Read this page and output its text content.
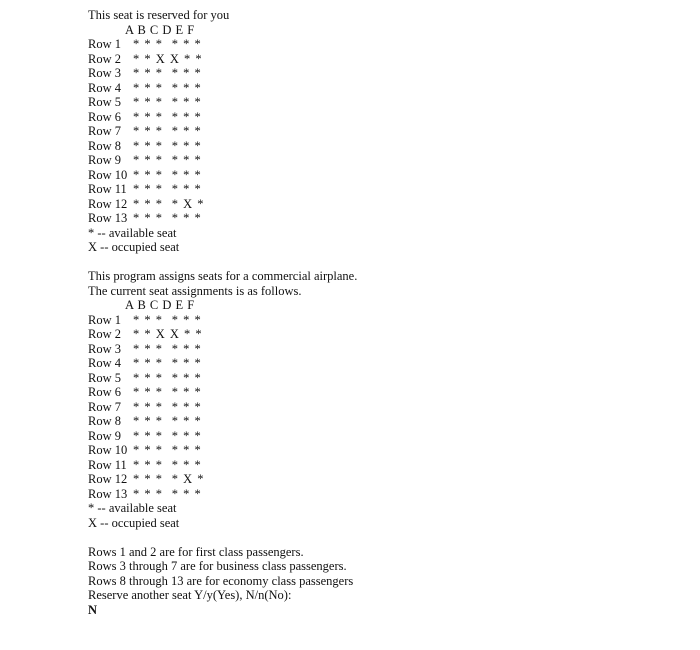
This seat is reserved for you
A B C D E F
Row 1 * * *  * * *
Row 2 * * X X * *
Row 3 * * *  * * *
Row 4 * * *  * * *
Row 5 * * *  * * *
Row 6 * * *  * * *
Row 7 * * *  * * *
Row 8 * * *  * * *
Row 9 * * *  * * *
Row 10 * * *  * * *
Row 11 * * *  * * *
Row 12 * * *  * X *
Row 13 * * *  * * *
* -- available seat
X -- occupied seat
This program assigns seats for a commercial airplane.
The current seat assignments is as follows.
A B C D E F
Row 1 * * *  * * *
Row 2 * * X X * *
Row 3 * * *  * * *
Row 4 * * *  * * *
Row 5 * * *  * * *
Row 6 * * *  * * *
Row 7 * * *  * * *
Row 8 * * *  * * *
Row 9 * * *  * * *
Row 10 * * *  * * *
Row 11 * * *  * * *
Row 12 * * *  * X *
Row 13 * * *  * * *
* -- available seat
X -- occupied seat
Rows 1 and 2 are for first class passengers.
Rows 3 through 7 are for business class passengers.
Rows 8 through 13 are for economy class passengers
Reserve another seat Y/y(Yes), N/n(No):
N
